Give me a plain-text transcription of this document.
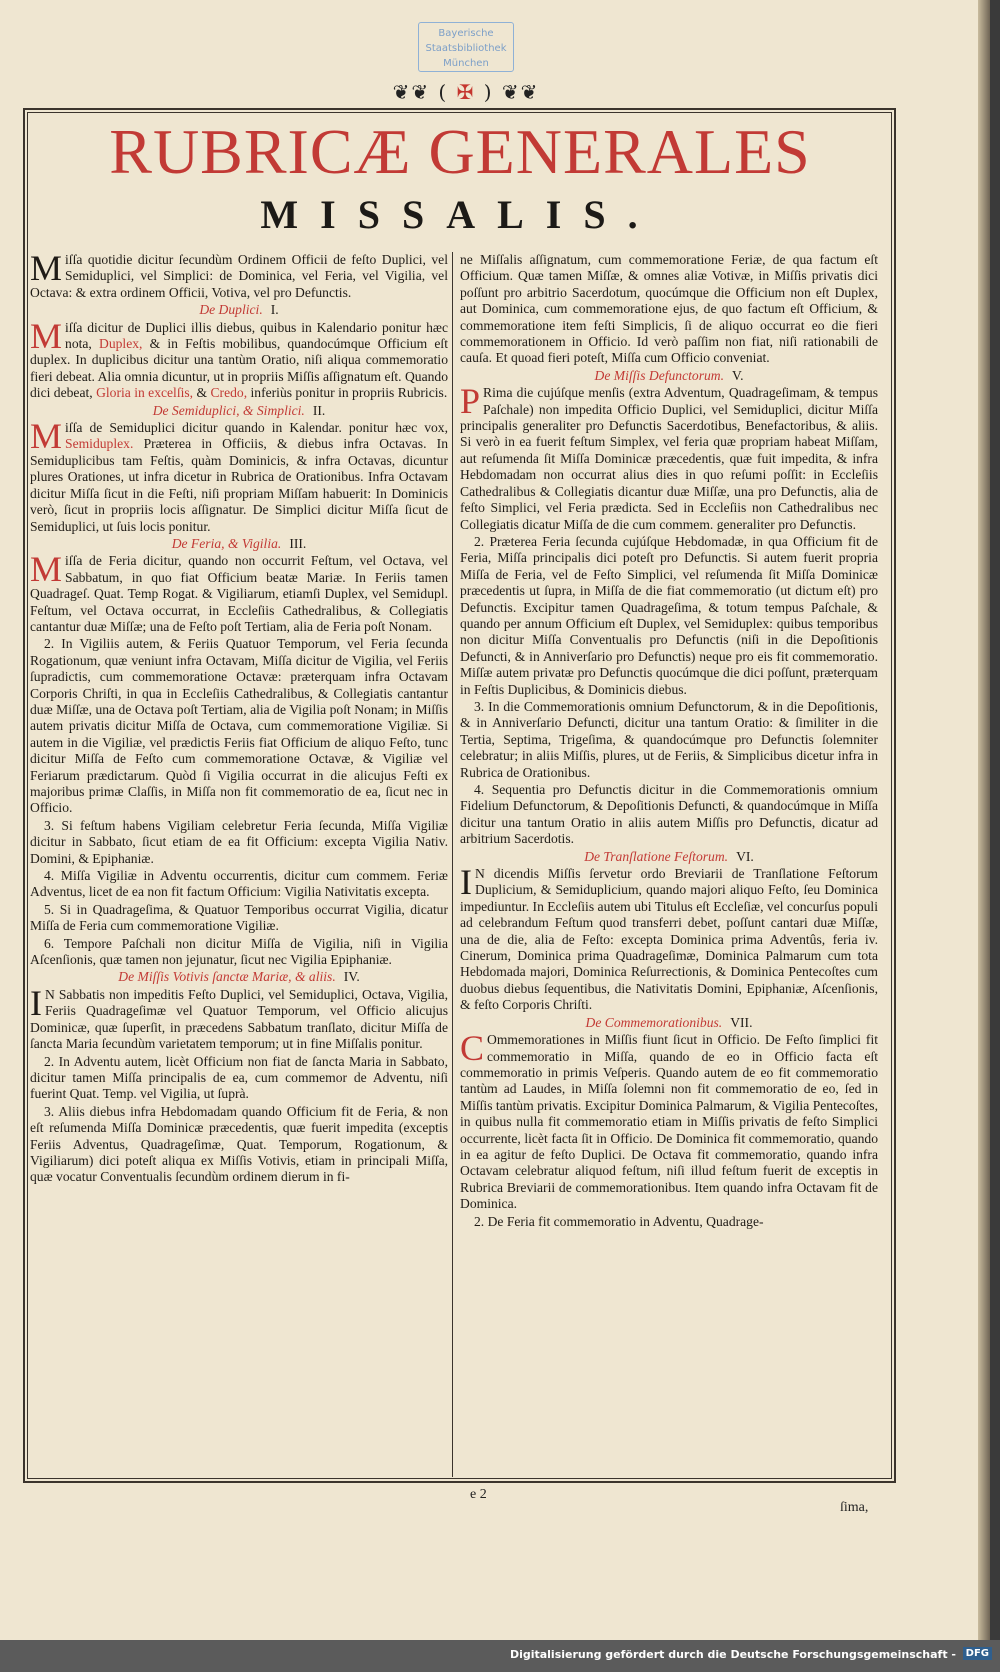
Bayerische
Staatsbibliothek
München
❦❦ ( ✠ ) ❦❦
RUBRICÆ GENERALES
MISSALIS.

Miſſa quotidie dicitur ſecundùm Ordinem Officii de feſto Duplici, vel Semiduplici, vel Simplici: de Dominica, vel Feria, vel Vigilia, vel Octava: & extra ordinem Officii, Votiva, vel pro Defunctis.

De Duplici. I.

Miſſa dicitur de Duplici illis diebus, quibus in Kalendario ponitur hæc nota, Duplex, & in Feſtis mobilibus, quandocúmque Officium eſt duplex. In duplicibus dicitur una tantùm Oratio, niſi aliqua commemoratio fieri debeat. Alia omnia dicuntur, ut in propriis Miſſis aſſignatum eſt. Quando dici debeat, Gloria in excelſis, & Credo, inferiùs ponitur in propriis Rubricis.

De Semiduplici, & Simplici. II.

Miſſa de Semiduplici dicitur quando in Kalendar. ponitur hæc vox, Semiduplex. Præterea in Officiis, & diebus infra Octavas. In Semiduplicibus tam Feſtis, quàm Dominicis, & infra Octavas, dicuntur plures Orationes, ut infra dicetur in Rubrica de Orationibus. Infra Octavam dicitur Miſſa ſicut in die Feſti, niſi propriam Miſſam habuerit: In Dominicis verò, ſicut in propriis locis aſſignatur. De Simplici dicitur Miſſa ſicut de Semiduplici, ut ſuis locis ponitur.

De Feria, & Vigilia. III.

Miſſa de Feria dicitur, quando non occurrit Feſtum, vel Octava, vel Sabbatum, in quo fiat Officium beatæ Mariæ. In Feriis tamen Quadrageſ. Quat. Temp Rogat. & Vigiliarum, etiamſi Duplex, vel Semidupl. Feſtum, vel Octava occurrat, in Eccleſiis Cathedralibus, & Collegiatis cantantur duæ Miſſæ; una de Feſto poſt Tertiam, alia de Feria poſt Nonam.

2. In Vigiliis autem, & Feriis Quatuor Temporum, vel Feria ſecunda Rogationum, quæ veniunt infra Octavam, Miſſa dicitur de Vigilia, vel Feriis ſupradictis, cum commemoratione Octavæ: præterquam infra Octavam Corporis Chriſti, in qua in Eccleſiis Cathedralibus, & Collegiatis cantantur duæ Miſſæ, una de Octava poſt Tertiam, alia de Vigilia poſt Nonam; in Miſſis autem privatis dicitur Miſſa de Octava, cum commemoratione Vigiliæ. Si autem in die Vigiliæ, vel prædictis Feriis fiat Officium de aliquo Feſto, tunc dicitur Miſſa de Feſto cum commemoratione Octavæ, & Vigiliæ vel Feriarum prædictarum. Quòd ſi Vigilia occurrat in die alicujus Feſti ex majoribus primæ Claſſis, in Miſſa non fit commemoratio de ea, ſicut nec in Officio.

3. Si feſtum habens Vigiliam celebretur Feria ſecunda, Miſſa Vigiliæ dicitur in Sabbato, ſicut etiam de ea fit Officium: excepta Vigilia Nativ. Domini, & Epiphaniæ.

4. Miſſa Vigiliæ in Adventu occurrentis, dicitur cum commem. Feriæ Adventus, licet de ea non fit factum Officium: Vigilia Nativitatis excepta.

5. Si in Quadrageſima, & Quatuor Temporibus occurrat Vigilia, dicatur Miſſa de Feria cum commemoratione Vigiliæ.

6. Tempore Paſchali non dicitur Miſſa de Vigilia, niſi in Vigilia Aſcenſionis, quæ tamen non jejunatur, ſicut nec Vigilia Epiphaniæ.

De Miſſis Votivis ſanctæ Mariæ, & aliis. IV.

I N Sabbatis non impeditis Feſto Duplici, vel Semiduplici, Octava, Vigilia, Feriis Quadrageſimæ vel Quatuor Temporum, vel Officio alicujus Dominicæ, quæ ſuperſit, in præcedens Sabbatum tranſlato, dicitur Miſſa de ſancta Maria ſecundùm varietatem temporum; ut in fine Miſſalis ponitur.

2. In Adventu autem, licèt Officium non fiat de ſancta Maria in Sabbato, dicitur tamen Miſſa principalis de ea, cum commemor de Adventu, niſi fuerint Quat. Temp. vel Vigilia, ut ſuprà.

3. Aliis diebus infra Hebdomadam quando Officium fit de Feria, & non eſt reſumenda Miſſa Dominicæ præcedentis, quæ fuerit impedita (exceptis Feriis Adventus, Quadrageſimæ, Quat. Temporum, Rogationum, & Vigiliarum) dici poteſt aliqua ex Miſſis Votivis, etiam in principali Miſſa, quæ vocatur Conventualis ſecundùm ordinem dierum in fi-

ne Miſſalis aſſignatum, cum commemoratione Feriæ, de qua factum eſt Officium. Quæ tamen Miſſæ, & omnes aliæ Votivæ, in Miſſis privatis dici poſſunt pro arbitrio Sacerdotum, quocúmque die Officium non eſt Duplex, aut Dominica, cum commemoratione ejus, de quo factum eſt Officium, & commemoratione item feſti Simplicis, ſi de aliquo occurrat eo die fieri commemorationem in Officio. Id verò paſſim non fiat, niſi rationabili de cauſa. Et quoad fieri poteſt, Miſſa cum Officio conveniat.

De Miſſis Defunctorum. V.

P Rima die cujúſque menſis (extra Adventum, Quadrageſimam, & tempus Paſchale) non impedita Officio Duplici, vel Semiduplici, dicitur Miſſa principalis generaliter pro Defunctis Sacerdotibus, Benefactoribus, & aliis. Si verò in ea fuerit feſtum Simplex, vel feria quæ propriam habeat Miſſam, aut reſumenda ſit Miſſa Dominicæ præcedentis, quæ fuit impedita, & infra Hebdomadam non occurrat alius dies in quo reſumi poſſit: in Eccleſiis Cathedralibus & Collegiatis dicantur duæ Miſſæ, una pro Defunctis, alia de feſto Simplici, vel Feria prædicta. Sed in Eccleſiis non Cathedralibus nec Collegiatis dicatur Miſſa de die cum commem. generaliter pro Defunctis.

2. Præterea Feria ſecunda cujúſque Hebdomadæ, in qua Officium fit de Feria, Miſſa principalis dici poteſt pro Defunctis. Si autem fuerit propria Miſſa de Feria, vel de Feſto Simplici, vel reſumenda ſit Miſſa Dominicæ præcedentis ut ſupra, in Miſſa de die fiat commemoratio (ut dictum eſt) pro Defunctis. Excipitur tamen Quadrageſima, & totum tempus Paſchale, & quando per annum Officium eſt Duplex, vel Semiduplex: quibus temporibus non dicitur Miſſa Conventualis pro Defunctis (niſi in die Depoſitionis Defuncti, & in Anniverſario pro Defunctis) neque pro eis fit commemoratio. Miſſæ autem privatæ pro Defunctis quocúmque die dici poſſunt, præterquam in Feſtis Duplicibus, & Dominicis diebus.

3. In die Commemorationis omnium Defunctorum, & in die Depoſitionis, & in Anniverſario Defuncti, dicitur una tantum Oratio: & ſimiliter in die Tertia, Septima, Trigeſima, & quandocúmque pro Defunctis ſolemniter celebratur; in aliis Miſſis, plures, ut de Feriis, & Simplicibus dicetur infra in Rubrica de Orationibus.

4. Sequentia pro Defunctis dicitur in die Commemorationis omnium Fidelium Defunctorum, & Depoſitionis Defuncti, & quandocúmque in Miſſa dicitur una tantum Oratio in aliis autem Miſſis pro Defunctis, dicatur ad arbitrium Sacerdotis.

De Tranſlatione Feſtorum. VI.

I N dicendis Miſſis ſervetur ordo Breviarii de Tranſlatione Feſtorum Duplicium, & Semiduplicium, quando majori aliquo Feſto, ſeu Dominica impediuntur. In Eccleſiis autem ubi Titulus eſt Eccleſiæ, vel concurſus populi ad celebrandum Feſtum quod transferri debet, poſſunt cantari duæ Miſſæ, una de die, alia de Feſto: excepta Dominica prima Adventûs, feria iv. Cinerum, Dominica prima Quadrageſimæ, Dominica Palmarum cum tota Hebdomada majori, Dominica Reſurrectionis, & Dominica Pentecoſtes cum duobus diebus ſequentibus, die Nativitatis Domini, Epiphaniæ, Aſcenſionis, & feſto Corporis Chriſti.

De Commemorationibus. VII.

C Ommemorationes in Miſſis fiunt ſicut in Officio. De Feſto ſimplici fit commemoratio in Miſſa, quando de eo in Officio facta eſt commemoratio in primis Veſperis. Quando autem de eo fit commemoratio tantùm ad Laudes, in Miſſa ſolemni non fit commemoratio de eo, ſed in Miſſis tantùm privatis. Excipitur Dominica Palmarum, & Vigilia Pentecoſtes, in quibus nulla fit commemoratio etiam in Miſſis privatis de feſto Simplici occurrente, licèt facta ſit in Officio. De Dominica fit commemoratio, quando in ea agitur de feſto Duplici. De Octava fit commemoratio, quando infra Octavam celebratur aliquod feſtum, niſi illud feſtum fuerit de exceptis in Rubrica Breviarii de commemorationibus. Item quando infra Octavam fit de Dominica.

2. De Feria fit commemoratio in Adventu, Quadrage-

e 2
ſima,
Digitalisierung gefördert durch die Deutsche Forschungsgemeinschaft - DFG
